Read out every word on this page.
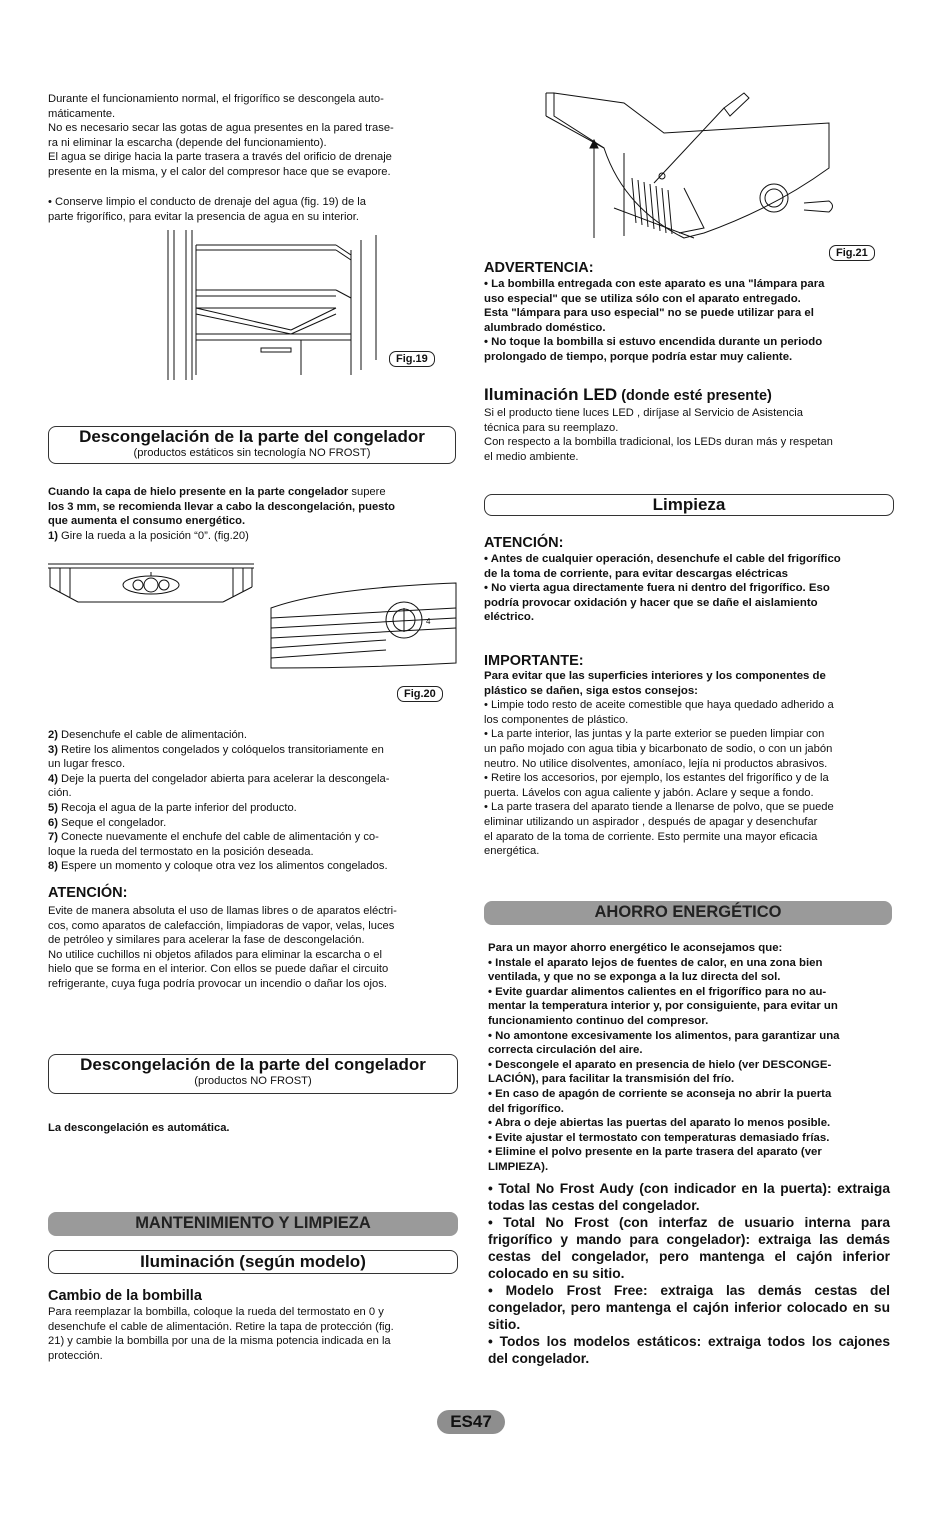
Durante el funcionamiento normal, el frigorífico se descongela auto-
máticamente.
No es necesario secar las gotas de agua presentes en la pared trase-
ra ni eliminar la escarcha (depende del funcionamiento).
El agua se dirige hacia la parte trasera a través del orificio de drenaje
presente en la misma, y el calor del compresor hace que se evapore.
• Conserve limpio el conducto de drenaje del agua (fig. 19) de la
parte frigorífico, para evitar la presencia de agua en su interior.
Fig.19
Descongelación de la parte del congelador
(productos estáticos sin tecnología NO FROST)
Cuando la capa de hielo presente en la parte congelador supere
los 3 mm, se recomienda llevar a cabo la descongelación, puesto
que aumenta el consumo energético.
1) Gire la rueda a la posición “0”. (fig.20)
4
Fig.20
2) Desenchufe el cable de alimentación.
3) Retire los alimentos congelados y colóquelos transitoriamente en
un lugar fresco.
4) Deje la puerta del congelador abierta para acelerar la descongela-
ción.
5) Recoja el agua de la parte inferior del producto.
6) Seque el congelador.
7) Conecte nuevamente el enchufe del cable de alimentación y co-
loque la rueda del termostato en la posición deseada.
8) Espere un momento y coloque otra vez los alimentos congelados.
ATENCIÓN:
Evite de manera absoluta el uso de llamas libres o de aparatos eléctri-
cos, como aparatos de calefacción, limpiadoras de vapor, velas, luces
de petróleo y similares para acelerar la fase de descongelación.
No utilice cuchillos ni objetos afilados para eliminar la escarcha o el
hielo que se forma en el interior. Con ellos se puede dañar el circuito
refrigerante, cuya fuga podría provocar un incendio o dañar los ojos.
Descongelación de la parte del congelador
(productos NO FROST)
La descongelación es automática.
MANTENIMIENTO Y LIMPIEZA
Iluminación (según modelo)
Cambio de la bombilla
Para reemplazar la bombilla, coloque la rueda del termostato en 0 y
desenchufe el cable de alimentación. Retire la tapa de protección (fig.
21) y cambie la bombilla por una de la misma potencia indicada en la
protección.
Fig.21
ADVERTENCIA:
• La bombilla entregada con este aparato es una "lámpara para
uso especial" que se utiliza sólo con el aparato entregado.
Esta "lámpara para uso especial" no se puede utilizar para el
alumbrado doméstico.
• No toque la bombilla si estuvo encendida durante un periodo
prolongado de tiempo, porque podría estar muy caliente.
Iluminación LED (donde esté presente)
Si el producto tiene luces LED , diríjase al Servicio de Asistencia
técnica para su reemplazo.
Con respecto a la bombilla tradicional, los LEDs duran más y respetan
el medio ambiente.
Limpieza
ATENCIÓN:
• Antes de cualquier operación, desenchufe el cable del frigorífico
de la toma de corriente, para evitar descargas eléctricas
• No vierta agua directamente fuera ni dentro del frigorífico. Eso
podría provocar oxidación y hacer que se dañe el aislamiento
eléctrico.
IMPORTANTE:
Para evitar que las superficies interiores y los componentes de
plástico se dañen, siga estos consejos:
• Limpie todo resto de aceite comestible que haya quedado adherido a
los componentes de plástico.
• La parte interior, las juntas y la parte exterior se pueden limpiar con
un paño mojado con agua tibia y bicarbonato de sodio, o con un jabón
neutro. No utilice disolventes, amoníaco, lejía ni productos abrasivos.
• Retire los accesorios, por ejemplo, los estantes del frigorífico y de la
puerta. Lávelos con agua caliente y jabón. Aclare y seque a fondo.
• La parte trasera del aparato tiende a llenarse de polvo, que se puede
eliminar utilizando un aspirador , después de apagar y desenchufar
el aparato de la toma de corriente. Esto permite una mayor eficacia
energética.
AHORRO ENERGÉTICO
Para un mayor ahorro energético le aconsejamos que:
• Instale el aparato lejos de fuentes de calor, en una zona bien
ventilada, y que no se exponga a la luz directa del sol.
• Evite guardar alimentos calientes en el frigorífico para no au-
mentar la temperatura interior y, por consiguiente, para evitar un
funcionamiento continuo del compresor.
• No amontone excesivamente los alimentos, para garantizar una
correcta circulación del aire.
• Descongele el aparato en presencia de hielo (ver DESCONGE-
LACIÓN), para facilitar la transmisión del frío.
• En caso de apagón de corriente se aconseja no abrir la puerta
del frigorífico.
• Abra o deje abiertas las puertas del aparato lo menos posible.
• Evite ajustar el termostato con temperaturas demasiado frías.
• Elimine el polvo presente en la parte trasera del aparato (ver
LIMPIEZA).
• Total No Frost Audy (con indicador en la puerta): extraiga todas las cestas del congelador.
• Total No Frost (con interfaz de usuario interna para frigorífico y mando para congelador): extraiga las demás cestas del congelador, pero mantenga el cajón inferior colocado en su sitio.
• Modelo Frost Free: extraiga las demás cestas del congelador, pero mantenga el cajón inferior colocado en su sitio.
• Todos los modelos estáticos: extraiga todos los cajones del congelador.
ES47
